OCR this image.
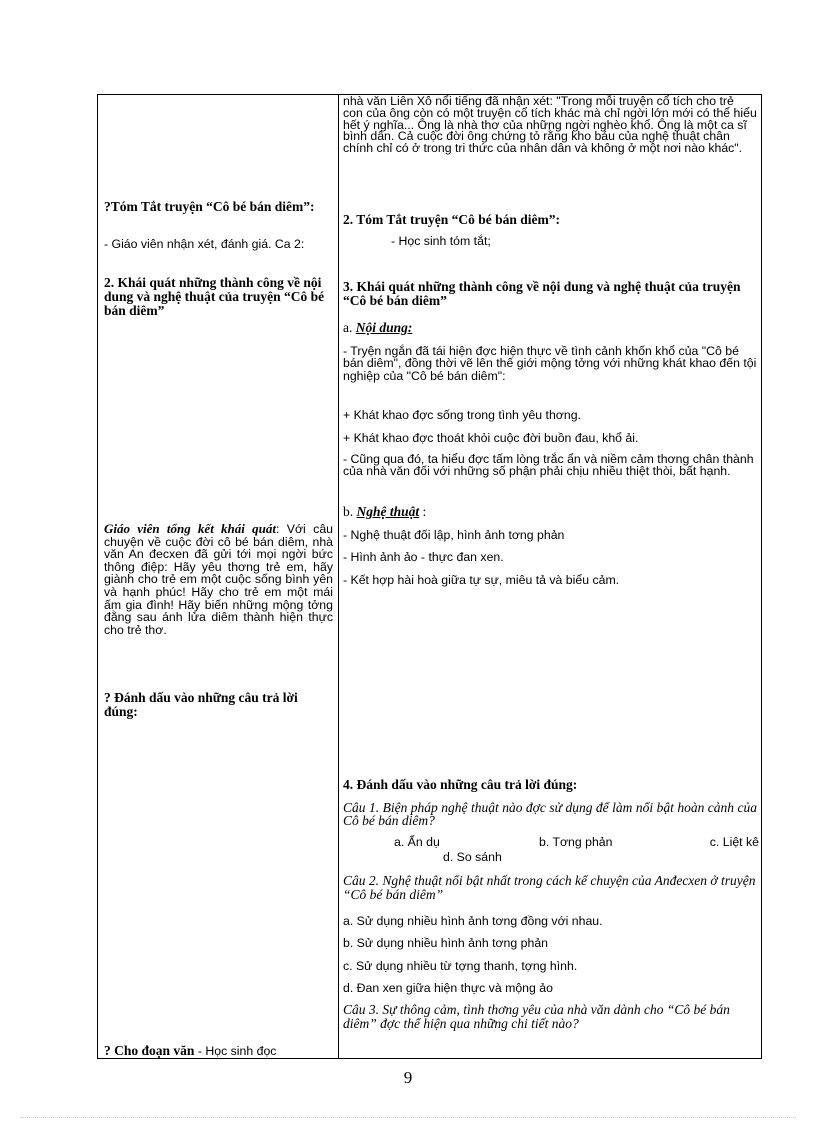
?Tóm Tắt truyện “Cô bé bán diêm”:

- Giáo viên nhận xét, đánh giá. Ca 2:

2. Khái quát những thành công về nội dung và nghệ thuật của truyện “Cô bé bán diêm”

Giáo viên tổng kết khái quát: Với câu chuyện về cuộc đời cô bé bán diêm, nhà văn An đecxen đã gửi tới mọi ngời bức thông điệp: Hãy yêu thơng trẻ em, hãy giành cho trẻ em một cuộc sống bình yên và hạnh phúc! Hãy cho trẻ em một mái ấm gia đình! Hãy biến những mộng tởng đằng sau ánh lửa diêm thành hiện thực cho trẻ thơ.

? Đánh dấu vào những câu trả lời đúng:

? Cho đoạn văn - Học sinh đọc

nhà văn Liên Xô nổi tiếng đã nhận xét: "Trong mỗi truyện cổ tích cho trẻ con của ông còn có một truyện cổ tích khác mà chỉ ngời lớn mới có thể hiểu hết ý nghĩa... Ông là nhà thơ của những ngời nghèo khổ. Ông là một ca sĩ bình dân. Cả cuộc đời ông chứng tỏ rằng kho báu của nghệ thuật chân chính chỉ có ở trong tri thức của nhân dân và không ở một nơi nào khác".

2. Tóm Tắt truyện “Cô bé bán diêm”:

- Học sinh tóm tắt;

3. Khái quát những thành công về nội dung và nghệ thuật của truyện “Cô bé bán diêm”

a. Nội dung:

- Tryện ngắn đã tái hiện đợc hiện thực về tình cảnh khốn khổ của "Cô bé bán diêm", đồng thời vẽ lên thế giới mộng tởng với những khát khao đến tội nghiệp của "Cô bé bán diêm":

+ Khát khao đợc sống trong tình yêu thơng.

+ Khát khao đợc thoát khỏi cuộc đời buồn đau, khổ ải.

- Cũng qua đó, ta hiểu đợc tấm lòng trắc ẩn và niềm cảm thơng chân thành của nhà văn đối với những số phận phải chịu nhiều thiệt thòi, bất hạnh.

b. Nghệ thuật :

- Nghệ thuật đối lập, hình ảnh tơng phản

- Hình ảnh ảo - thực đan xen.

- Kết hợp hài hoà giữa tự sự, miêu tả và biểu cảm.

4. Đánh dấu vào những câu trả lời đúng:

Câu 1. Biện pháp nghệ thuật nào đợc sử dụng để làm nổi bật hoàn cảnh của Cô bé bán diêm?

a. Ẩn dụ	b. Tơng phản	c. Liệt kê

d. So sánh

Câu 2. Nghệ thuật nổi bật nhất trong cách kể chuyện của Anđecxen ở truyện “Cô bé bán diêm”

a. Sử dụng nhiều hình ảnh tơng đồng với nhau.

b. Sử dụng nhiều hình ảnh tơng phản

c. Sử dụng nhiều từ tợng thanh, tợng hình.

d. Đan xen giữa hiện thực và mộng ảo

Câu 3. Sự thông cảm, tình thơng yêu của nhà văn dành cho “Cô bé bán diêm” đợc thể hiện qua những chi tiết nào?

9
